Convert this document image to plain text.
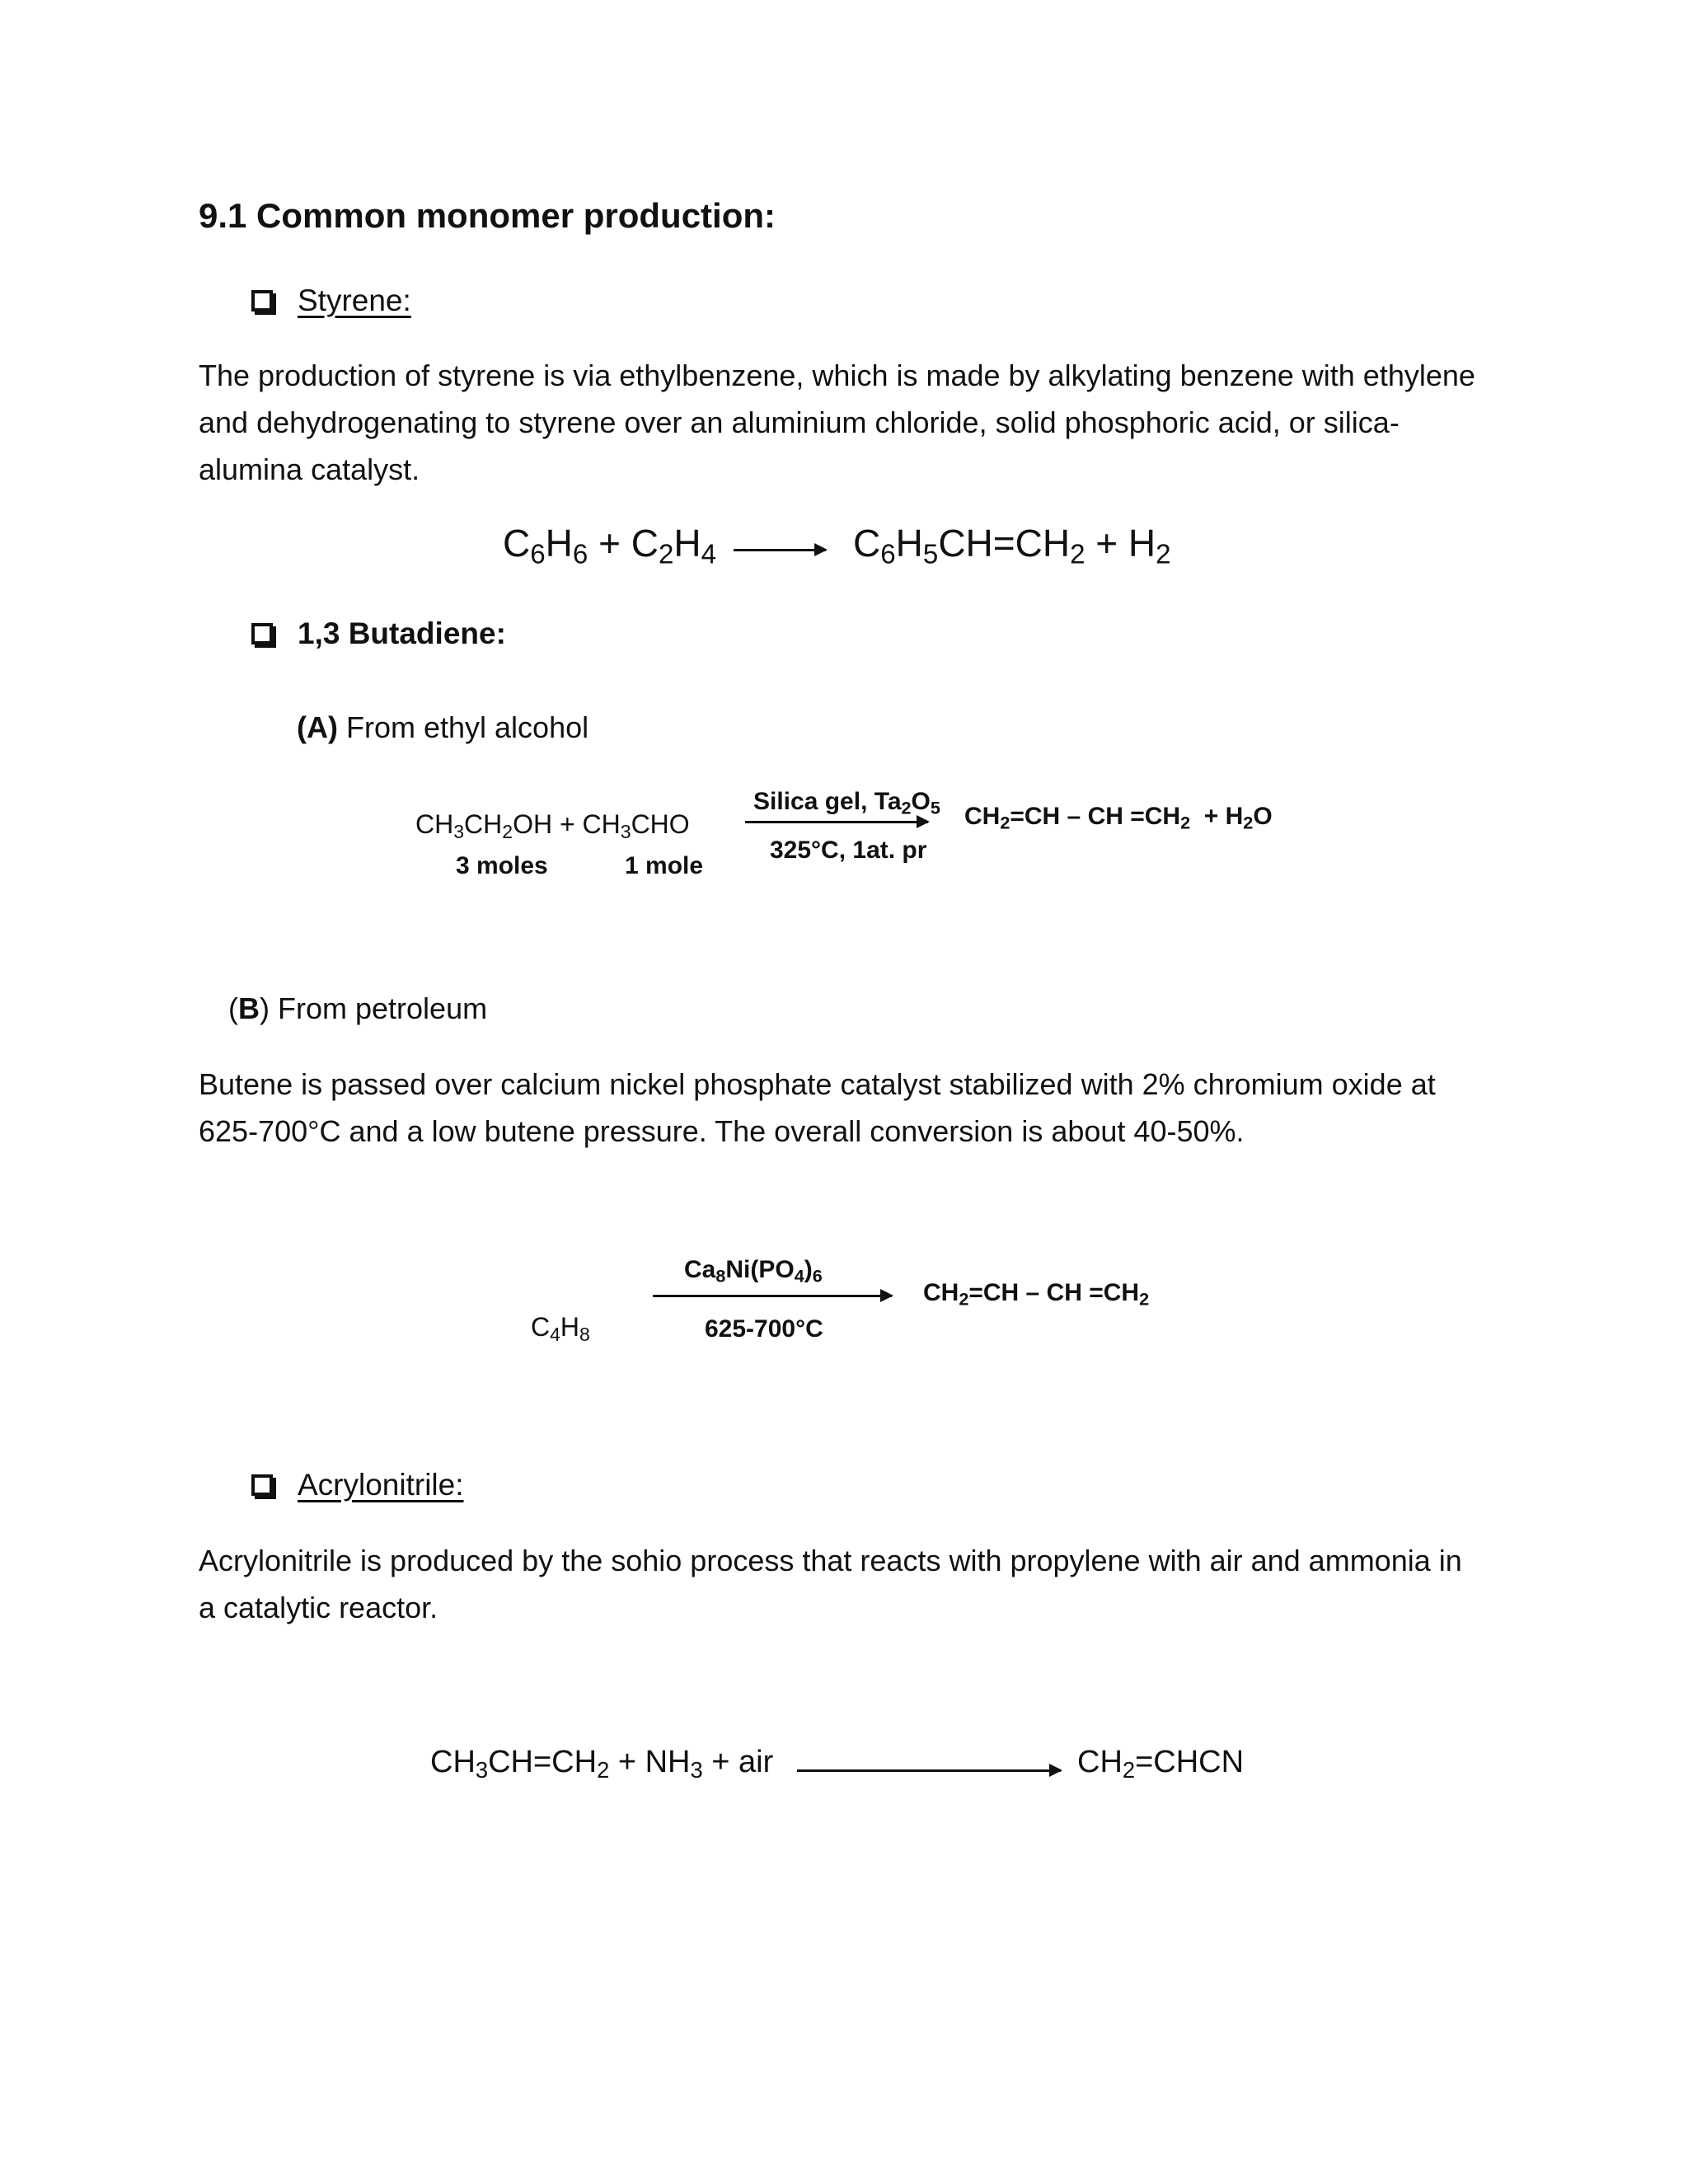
9.1 Common monomer production:
Styrene:
The production of styrene is via ethylbenzene, which is made by alkylating benzene with ethylene and dehydrogenating to styrene over an aluminium chloride, solid phosphoric acid, or silica-alumina catalyst.
$C_6H_6 + C_2H_4$	$C_6H_5CH=CH_2 + H_2$
1,3 Butadiene:
(A) From ethyl alcohol
$CH_3CH_2OH + CH_3CHO$
3 moles	1 mole
Silica gel, $Ta_2O_5$
325°C, 1at. pr
$CH_2=CH$ – CH $=CH_2 + H_2O$
(B) From petroleum
Butene is passed over calcium nickel phosphate catalyst stabilized with 2% chromium oxide at 625-700°C and a low butene pressure. The overall conversion is about 40-50%.
$Ca_8Ni(PO_4)_6$
625-700°C
$C_4H_8$
$CH_2=CH$ – CH $=CH_2$
Acrylonitrile:
Acrylonitrile is produced by the sohio process that reacts with propylene with air and ammonia in a catalytic reactor.
$CH_3CH=CH_2 + NH_3$ + air	$CH_2=CHCN$
